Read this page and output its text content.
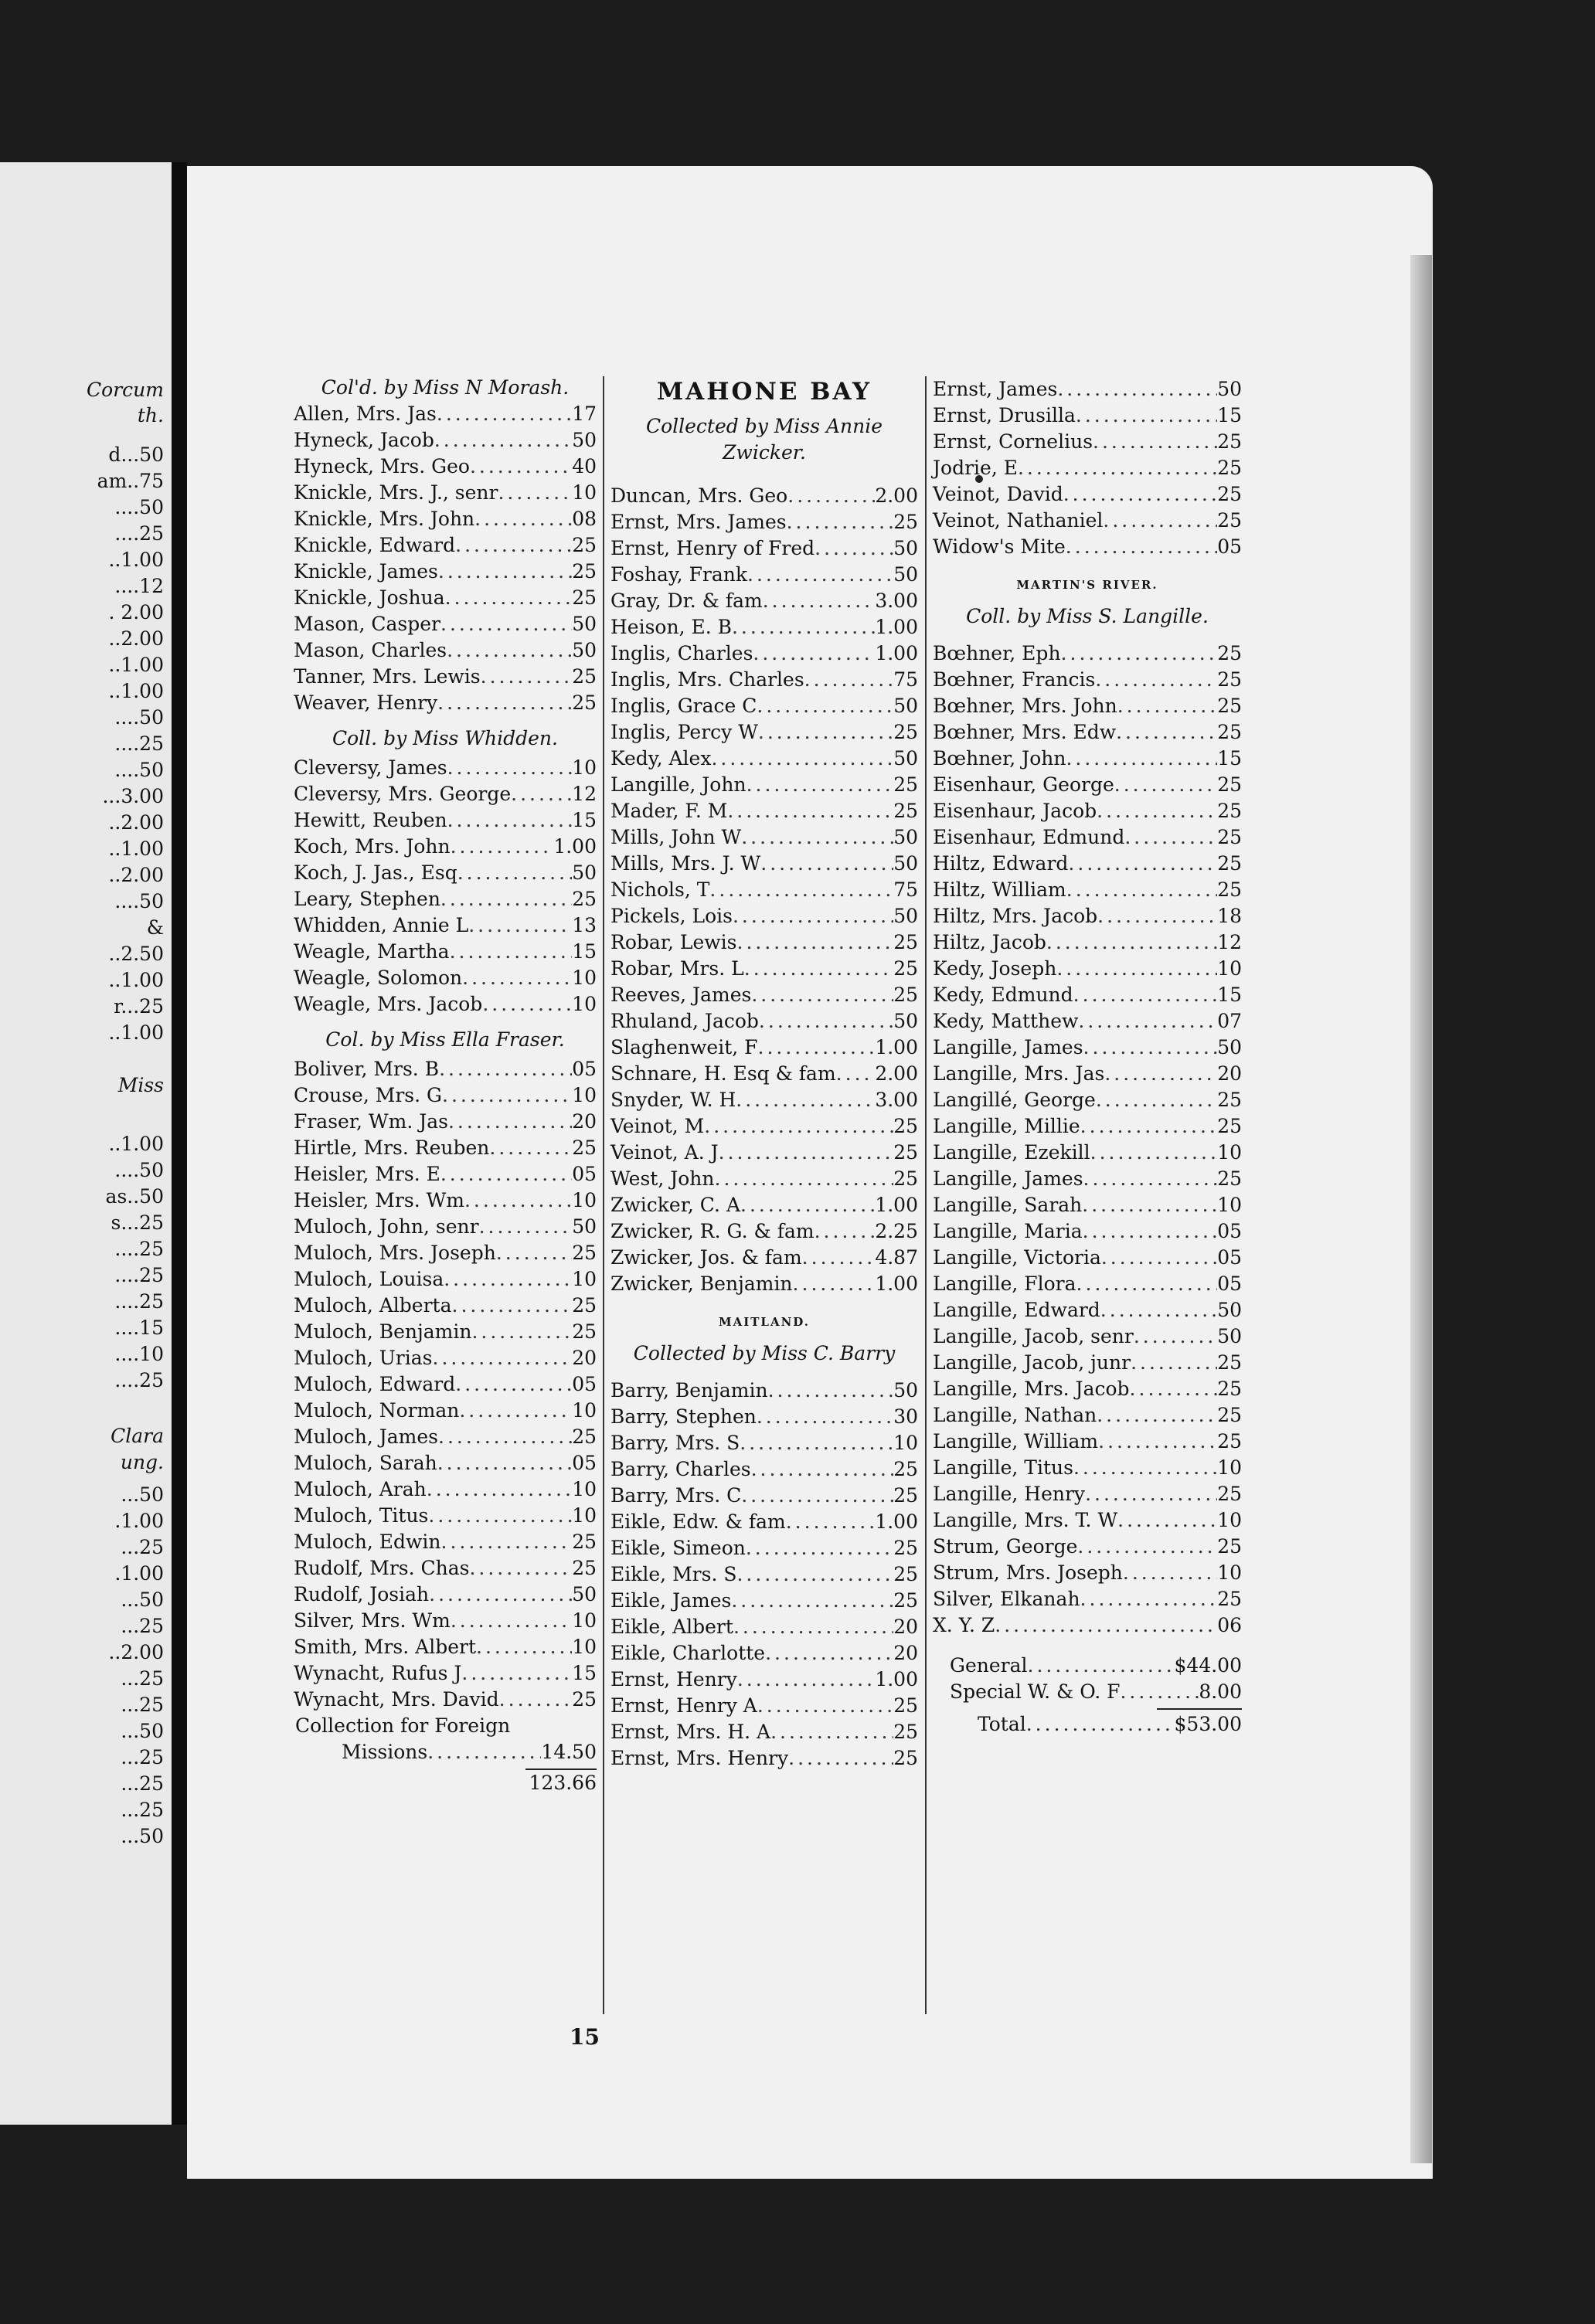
Corcum
th.
d...50
am..75
....50
....25
..1.00
....12
. 2.00
..2.00
..1.00
..1.00
....50
....25
....50
...3.00
..2.00
..1.00
..2.00
....50
&
..2.50
..1.00
r...25
..1.00
Miss
..1.00
....50
as..50
s...25
....25
....25
....25
....15
....10
....25
Clara
ung.
...50
.1.00
...25
.1.00
...50
...25
..2.00
...25
...25
...50
...25
...25
...25
...50
Col'd. by Miss N Morash.
Allen, Mrs. Jas .....	17
Hyneck, Jacob .....	50
Hyneck, Mrs. Geo .....	40
Knickle, Mrs. J., senr .....	10
Knickle, Mrs. John .....	08
Knickle, Edward .....	25
Knickle, James .....	25
Knickle, Joshua .....	25
Mason, Casper .....	50
Mason, Charles .....	50
Tanner, Mrs. Lewis .....	25
Weaver, Henry .....	25
Coll. by Miss Whidden.
Cleversy, James .....	10
Cleversy, Mrs. George .....	12
Hewitt, Reuben .....	15
Koch, Mrs. John .....	1.00
Koch, J. Jas., Esq .....	50
Leary, Stephen .....	25
Whidden, Annie L .....	13
Weagle, Martha .....	15
Weagle, Solomon .....	10
Weagle, Mrs. Jacob .....	10
Col. by Miss Ella Fraser.
Boliver, Mrs. B .....	05
Crouse, Mrs. G .....	10
Fraser, Wm. Jas .....	20
Hirtle, Mrs. Reuben .....	25
Heisler, Mrs. E .....	05
Heisler, Mrs. Wm .....	10
Muloch, John, senr .....	50
Muloch, Mrs. Joseph .....	25
Muloch, Louisa .....	10
Muloch, Alberta .....	25
Muloch, Benjamin .....	25
Muloch, Urias .....	20
Muloch, Edward .....	05
Muloch, Norman .....	10
Muloch, James .....	25
Muloch, Sarah .....	05
Muloch, Arah .....	10
Muloch, Titus .....	10
Muloch, Edwin .....	25
Rudolf, Mrs. Chas .....	25
Rudolf, Josiah .....	50
Silver, Mrs. Wm .....	10
Smith, Mrs. Albert .....	10
Wynacht, Rufus J .....	15
Wynacht, Mrs. David .....	25
Collection for Foreign
Missions .....	14.50
123.66
MAHONE BAY
Collected by Miss Annie
Zwicker.
Duncan, Mrs. Geo .....	2.00
Ernst, Mrs. James .....	25
Ernst, Henry of Fred .....	50
Foshay, Frank .....	50
Gray, Dr. & fam .....	3.00
Heison, E. B .....	1.00
Inglis, Charles .....	1.00
Inglis, Mrs. Charles .....	75
Inglis, Grace C .....	50
Inglis, Percy W .....	25
Kedy, Alex .....	50
Langille, John .....	25
Mader, F. M .....	25
Mills, John W .....	50
Mills, Mrs. J. W .....	50
Nichols, T .....	75
Pickels, Lois .....	50
Robar, Lewis .....	25
Robar, Mrs. L .....	25
Reeves, James .....	25
Rhuland, Jacob .....	50
Slaghenweit, F .....	1.00
Schnare, H. Esq & fam ..... 2.00
Snyder, W. H .....	3.00
Veinot, M .....	25
Veinot, A. J .....	25
West, John .....	25
Zwicker, C. A .....	1.00
Zwicker, R. G. & fam .....	2.25
Zwicker, Jos. & fam .....	4.87
Zwicker, Benjamin .....	1.00
MAITLAND.
Collected by Miss C. Barry
Barry, Benjamin .....	50
Barry, Stephen .....	30
Barry, Mrs. S .....	10
Barry, Charles .....	25
Barry, Mrs. C .....	25
Eikle, Edw. & fam .....	1.00
Eikle, Simeon .....	25
Eikle, Mrs. S .....	25
Eikle, James .....	25
Eikle, Albert .....	20
Eikle, Charlotte .....	20
Ernst, Henry .....	1.00
Ernst, Henry A .....	25
Ernst, Mrs. H. A .....	25
Ernst, Mrs. Henry .....	25
Ernst, James .....	50
Ernst, Drusilla .....	15
Ernst, Cornelius .....	25
Jodrie, E .....	25
Veinot, David .....	25
Veinot, Nathaniel .....	25
Widow's Mite .....	05
MARTIN'S RIVER.
Coll. by Miss S. Langille.
Bœhner, Eph .....	25
Bœhner, Francis .....	25
Bœhner, Mrs. John .....	25
Bœhner, Mrs. Edw .....	25
Bœhner, John .....	15
Eisenhaur, George .....	25
Eisenhaur, Jacob .....	25
Eisenhaur, Edmund .....	25
Hiltz, Edward .....	25
Hiltz, William .....	25
Hiltz, Mrs. Jacob .....	18
Hiltz, Jacob .....	12
Kedy, Joseph .....	10
Kedy, Edmund .....	15
Kedy, Matthew .....	07
Langille, James .....	50
Langille, Mrs. Jas .....	20
Langillé, George .....	25
Langille, Millie .....	25
Langille, Ezekill .....	10
Langille, James .....	25
Langille, Sarah .....	10
Langille, Maria .....	05
Langille, Victoria .....	05
Langille, Flora .....	05
Langille, Edward .....	50
Langille, Jacob, senr .....	50
Langille, Jacob, junr .....	25
Langille, Mrs. Jacob .....	25
Langille, Nathan .....	25
Langille, William .....	25
Langille, Titus .....	10
Langille, Henry .....	25
Langille, Mrs. T. W .....	10
Strum, George .....	25
Strum, Mrs. Joseph .....	10
Silver, Elkanah .....	25
X. Y. Z .....	06
General .....	$44.00
Special W. & O. F .....	8.00
Total .....	$53.00
15
